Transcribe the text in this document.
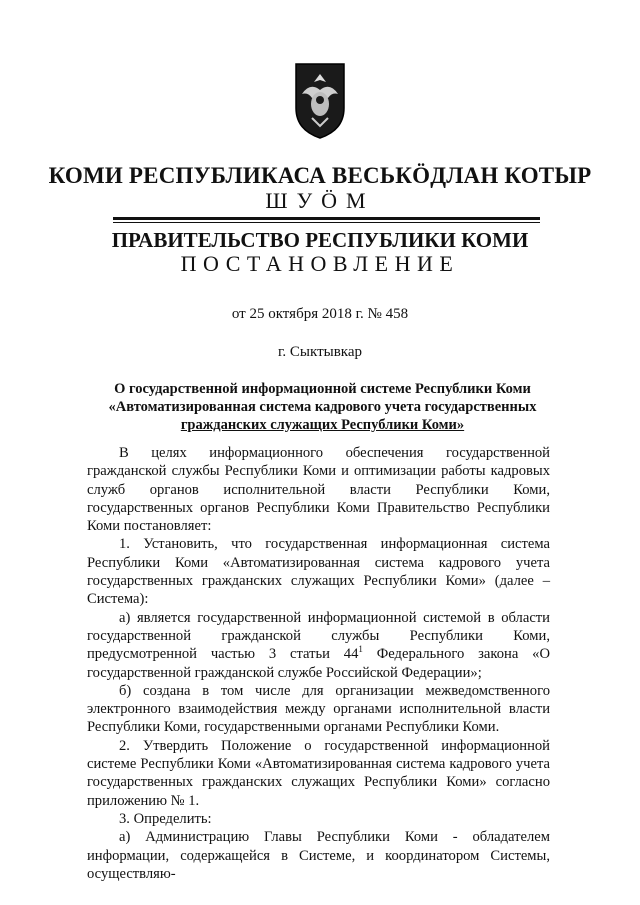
КОМИ РЕСПУБЛИКАСА ВЕСЬКӦДЛАН КОТЫР
ШУӦМ
ПРАВИТЕЛЬСТВО РЕСПУБЛИКИ КОМИ
ПОСТАНОВЛЕНИЕ
от 25 октября 2018 г. № 458
г. Сыктывкар
О государственной информационной системе Республики Коми
«Автоматизированная система кадрового учета государственных
гражданских служащих Республики Коми»

В целях информационного обеспечения государственной гражданской службы Республики Коми и оптимизации работы кадровых служб органов исполнительной власти Республики Коми, государственных органов Республики Коми Правительство Республики Коми постановляет:

1. Установить, что государственная информационная система Республики Коми «Автоматизированная система кадрового учета государственных гражданских служащих Республики Коми» (далее – Система):

а) является государственной информационной системой в области государственной гражданской службы Республики Коми, предусмотренной частью 3 статьи $44^1$ Федерального закона «О государственной гражданской службе Российской Федерации»;

б) создана в том числе для организации межведомственного электронного взаимодействия между органами исполнительной власти Республики Коми, государственными органами Республики Коми.

2. Утвердить Положение о государственной информационной системе Республики Коми «Автоматизированная система кадрового учета государственных гражданских служащих Республики Коми» согласно приложению № 1.

3. Определить:

а) Администрацию Главы Республики Коми - обладателем информации, содержащейся в Системе, и координатором Системы, осуществляю-
